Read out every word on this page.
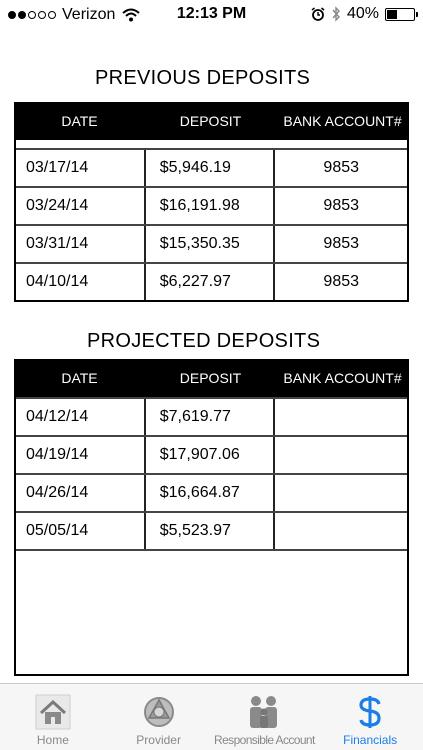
Verizon	12:13 PM	40%
PREVIOUS DEPOSITS
DATE	DEPOSIT	BANK ACCOUNT#
03/17/14	$5,946.19	9853
03/24/14	$16,191.98	9853
03/31/14	$15,350.35	9853
04/10/14	$6,227.97	9853
PROJECTED DEPOSITS
DATE	DEPOSIT	BANK ACCOUNT#
04/12/14	$7,619.77
04/19/14	$17,907.06
04/26/14	$16,664.87
05/05/14	$5,523.97
Home	Provider	Responsible Account Financials
